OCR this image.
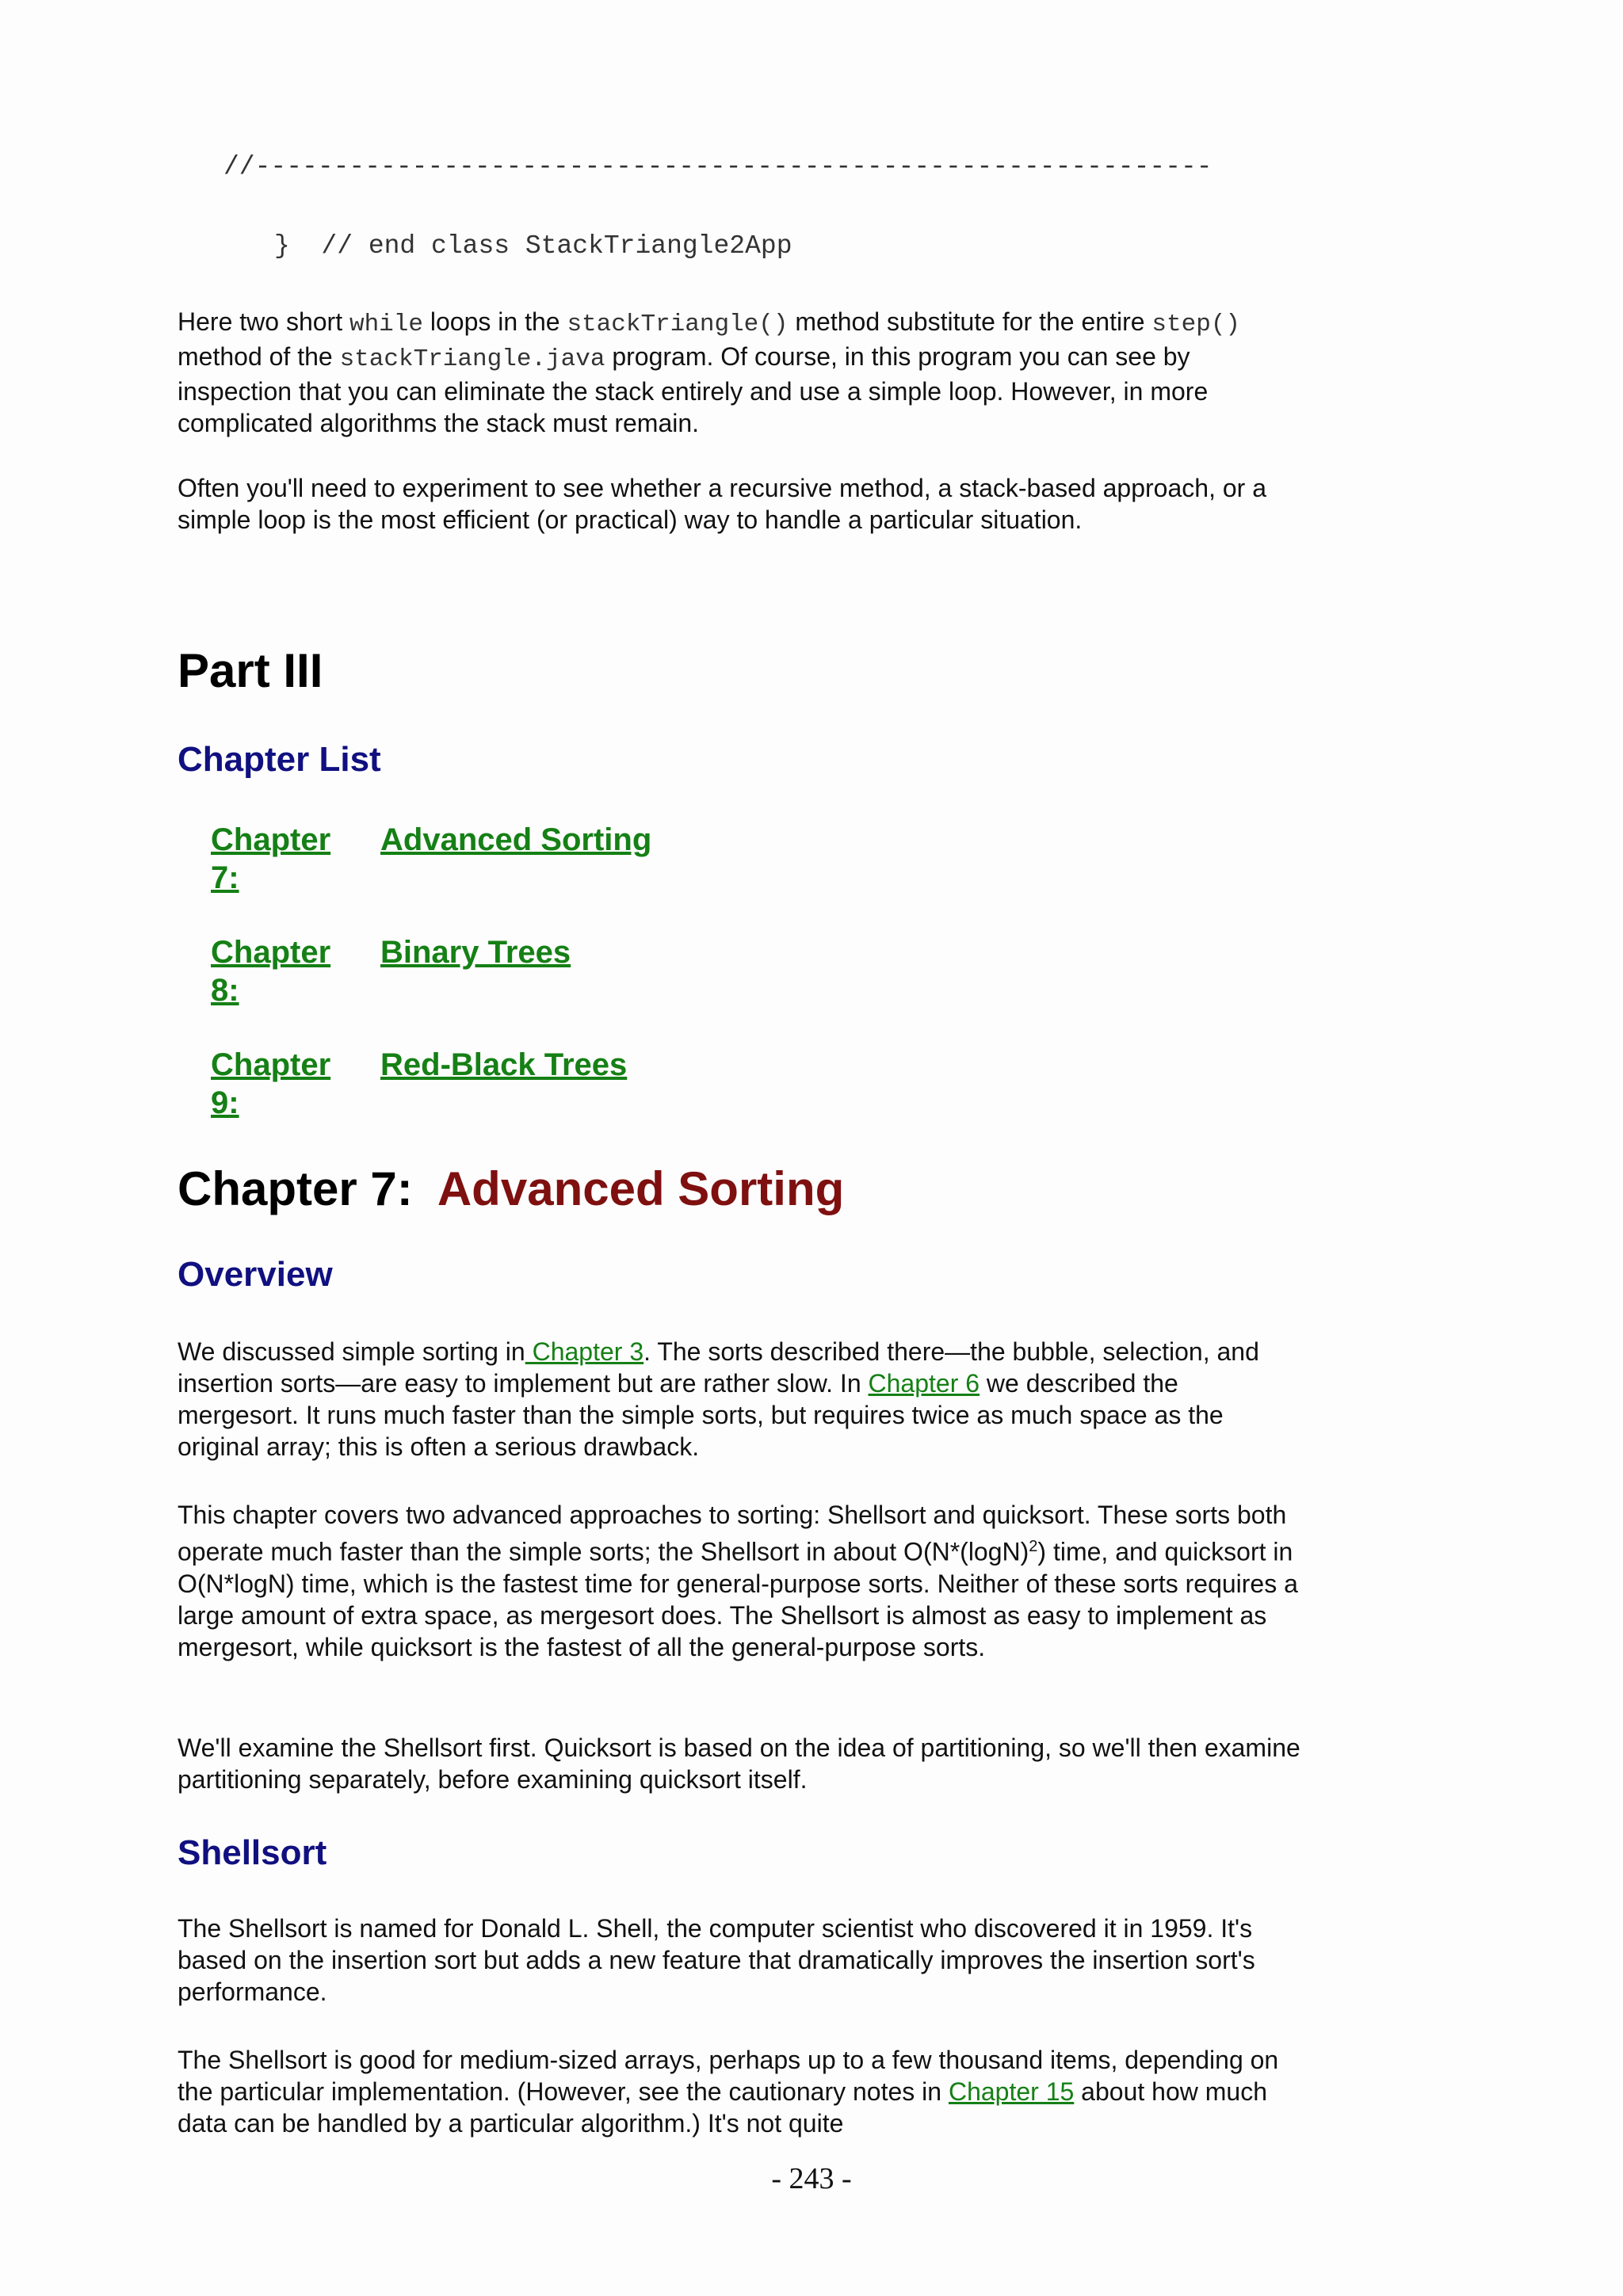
//-------------------------------------------------------------
}  // end class StackTriangle2App

Here two short while loops in the stackTriangle() method substitute for the entire step() method of the stackTriangle.java program. Of course, in this program you can see by inspection that you can eliminate the stack entirely and use a simple loop. However, in more complicated algorithms the stack must remain.

Often you'll need to experiment to see whether a recursive method, a stack-based approach, or a simple loop is the most efficient (or practical) way to handle a particular situation.

Part III
Chapter List
Chapter 7:
Advanced Sorting
Chapter 8:
Binary Trees
Chapter 9:
Red-Black Trees
Chapter 7: Advanced Sorting
Overview

We discussed simple sorting in Chapter 3. The sorts described there—the bubble, selection, and insertion sorts—are easy to implement but are rather slow. In Chapter 6 we described the mergesort. It runs much faster than the simple sorts, but requires twice as much space as the original array; this is often a serious drawback.

This chapter covers two advanced approaches to sorting: Shellsort and quicksort. These sorts both operate much faster than the simple sorts; the Shellsort in about $O(N*(\log N)^2)$ time, and quicksort in O(N*logN) time, which is the fastest time for general-purpose sorts. Neither of these sorts requires a large amount of extra space, as mergesort does. The Shellsort is almost as easy to implement as mergesort, while quicksort is the fastest of all the general-purpose sorts.

We'll examine the Shellsort first. Quicksort is based on the idea of partitioning, so we'll then examine partitioning separately, before examining quicksort itself.

Shellsort

The Shellsort is named for Donald L. Shell, the computer scientist who discovered it in 1959. It's based on the insertion sort but adds a new feature that dramatically improves the insertion sort's performance.

The Shellsort is good for medium-sized arrays, perhaps up to a few thousand items, depending on the particular implementation. (However, see the cautionary notes in Chapter 15 about how much data can be handled by a particular algorithm.) It's not quite

- 243 -
